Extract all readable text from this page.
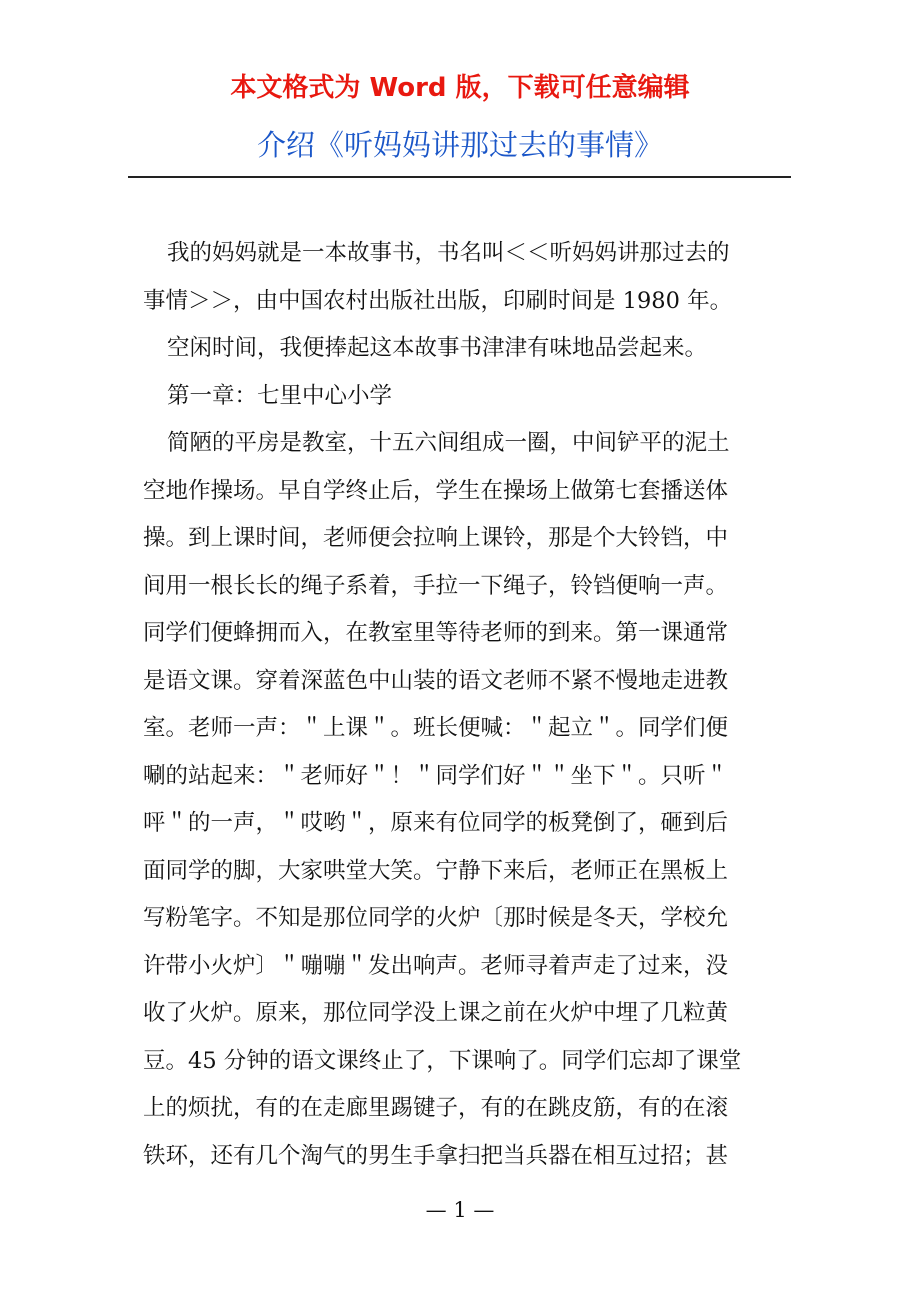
本文格式为 Word 版，下载可任意编辑
介绍《听妈妈讲那过去的事情》
我的妈妈就是一本故事书，书名叫＜＜听妈妈讲那过去的
事情＞＞，由中国农村出版社出版，印刷时间是 1980 年。
空闲时间，我便捧起这本故事书津津有味地品尝起来。
第一章：七里中心小学
简陋的平房是教室，十五六间组成一圈，中间铲平的泥土
空地作操场。早自学终止后，学生在操场上做第七套播送体
操。到上课时间，老师便会拉响上课铃，那是个大铃铛，中
间用一根长长的绳子系着，手拉一下绳子，铃铛便响一声。
同学们便蜂拥而入，在教室里等待老师的到来。第一课通常
是语文课。穿着深蓝色中山装的语文老师不紧不慢地走进教
室。老师一声：＂上课＂。班长便喊：＂起立＂。同学们便
唰的站起来：＂老师好＂！＂同学们好＂＂坐下＂。只听＂
呯＂的一声，＂哎哟＂，原来有位同学的板凳倒了，砸到后
面同学的脚，大家哄堂大笑。宁静下来后，老师正在黑板上
写粉笔字。不知是那位同学的火炉〔那时候是冬天，学校允
许带小火炉〕＂嘣嘣＂发出响声。老师寻着声走了过来，没
收了火炉。原来，那位同学没上课之前在火炉中埋了几粒黄
豆。45 分钟的语文课终止了，下课响了。同学们忘却了课堂
上的烦扰，有的在走廊里踢键子，有的在跳皮筋，有的在滚
铁环，还有几个淘气的男生手拿扫把当兵器在相互过招；甚
— 1 —
